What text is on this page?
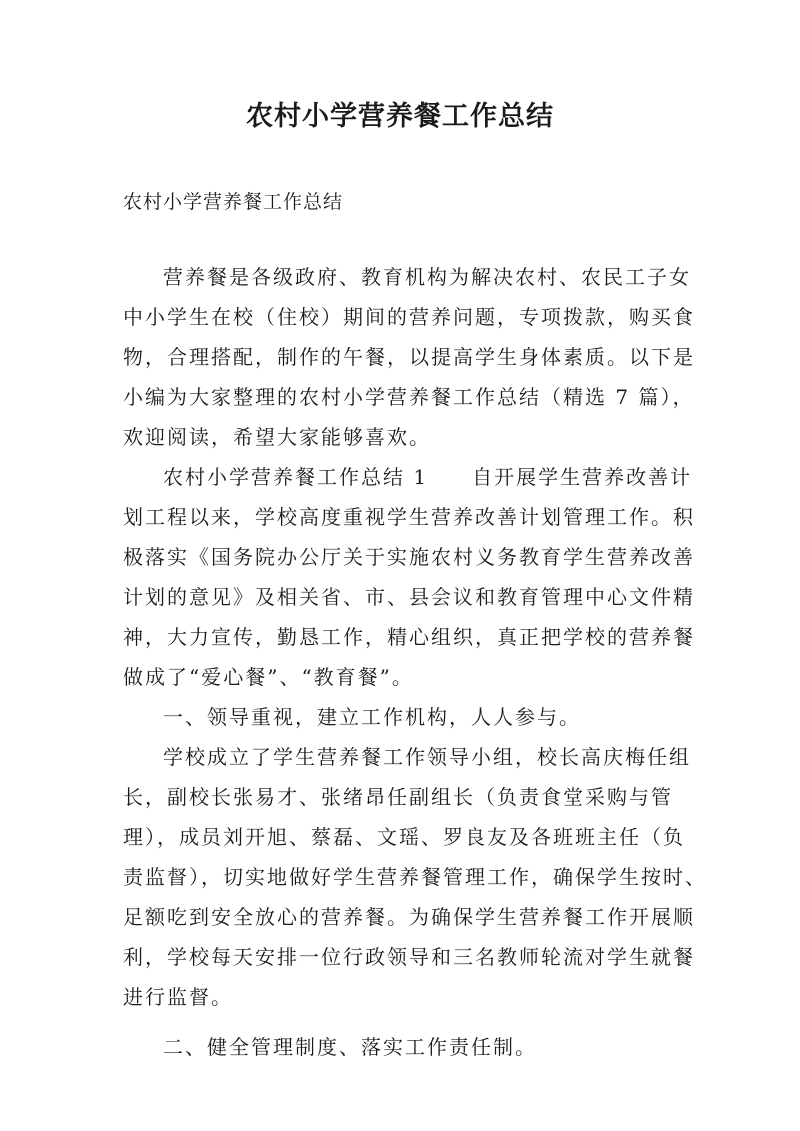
农村小学营养餐工作总结
农村小学营养餐工作总结
营养餐是各级政府、教育机构为解决农村、农民工子女
中小学生在校（住校）期间的营养问题，专项拨款，购买食
物，合理搭配，制作的午餐，以提高学生身体素质。以下是
小编为大家整理的农村小学营养餐工作总结（精选 7 篇），
欢迎阅读，希望大家能够喜欢。
农村小学营养餐工作总结 1　　自开展学生营养改善计
划工程以来，学校高度重视学生营养改善计划管理工作。积
极落实《国务院办公厅关于实施农村义务教育学生营养改善
计划的意见》及相关省、市、县会议和教育管理中心文件精
神，大力宣传，勤恳工作，精心组织，真正把学校的营养餐
做成了“爱心餐”、“教育餐”。
一、领导重视，建立工作机构，人人参与。
学校成立了学生营养餐工作领导小组，校长高庆梅任组
长，副校长张易才、张绪昂任副组长（负责食堂采购与管
理），成员刘开旭、蔡磊、文瑶、罗良友及各班班主任（负
责监督），切实地做好学生营养餐管理工作，确保学生按时、
足额吃到安全放心的营养餐。为确保学生营养餐工作开展顺
利，学校每天安排一位行政领导和三名教师轮流对学生就餐
进行监督。
二、健全管理制度、落实工作责任制。
